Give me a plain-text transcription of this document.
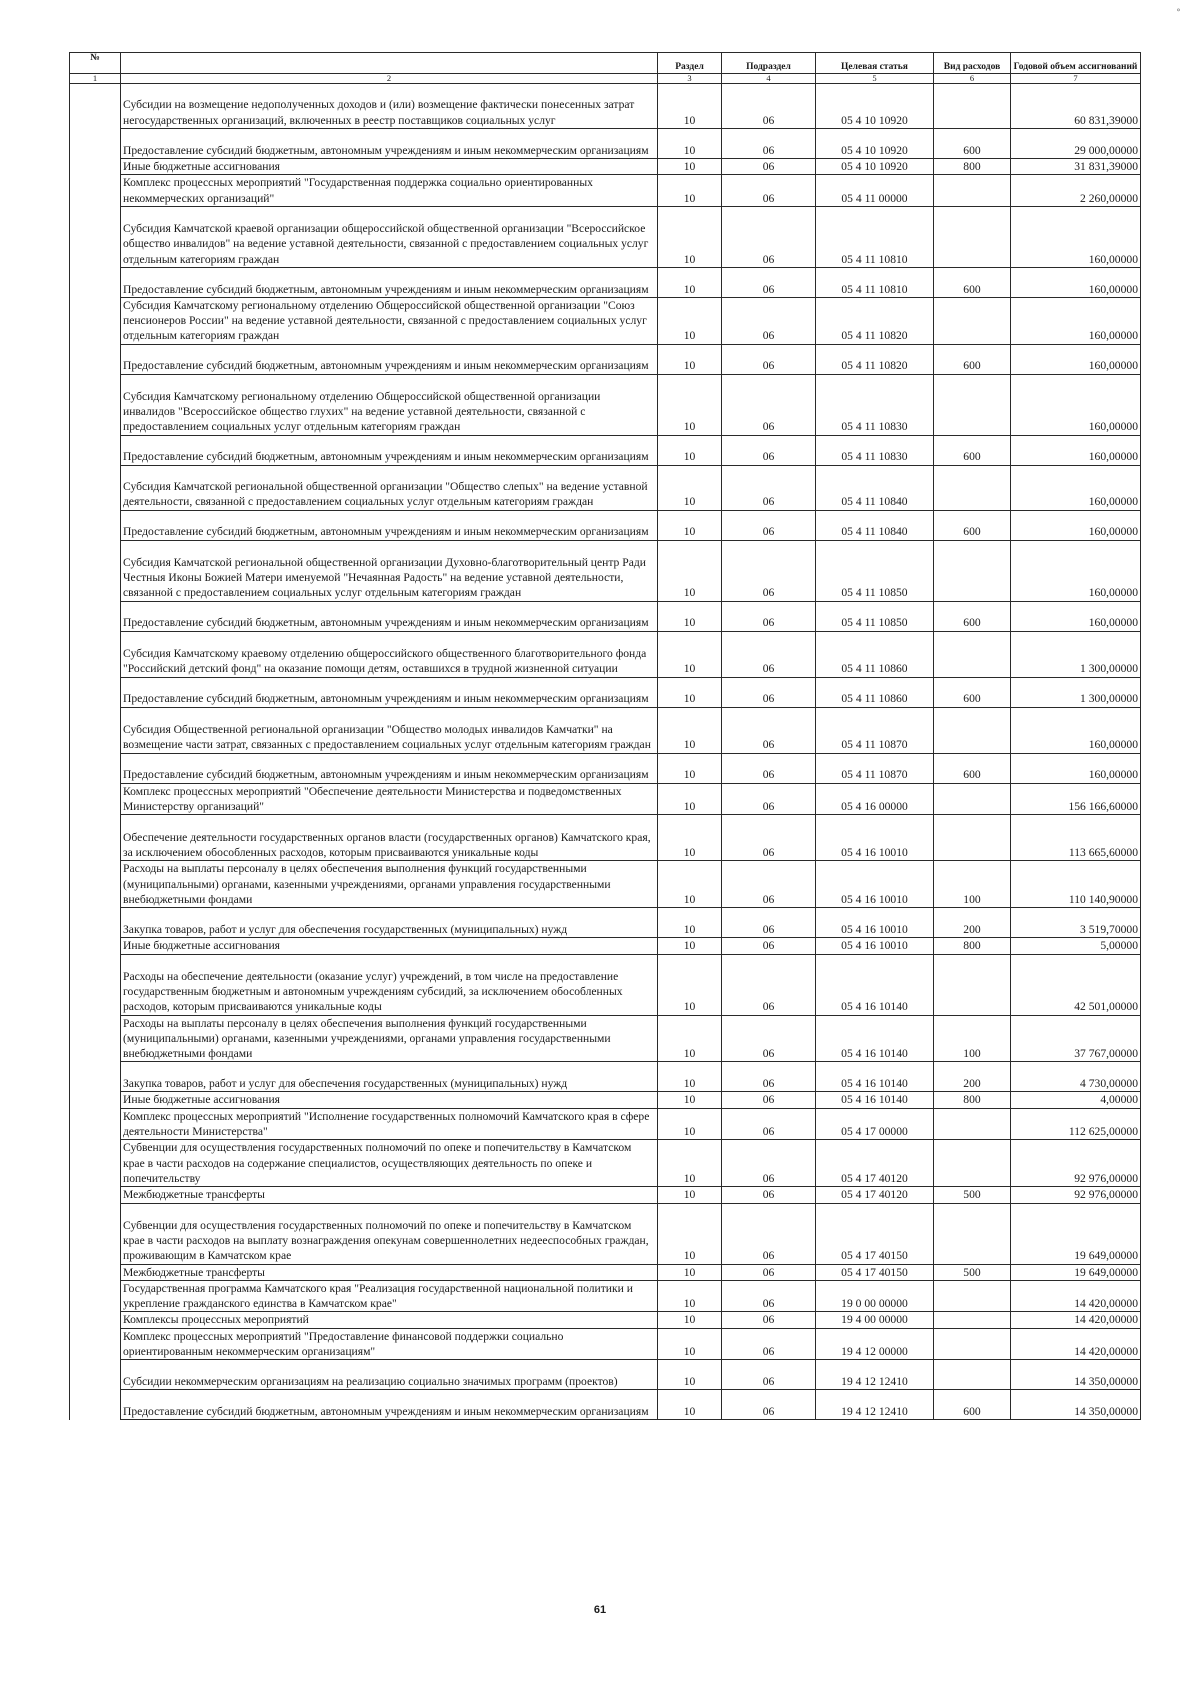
∘
№		Раздел	Подраздел	Целевая статья	Вид расходов	Годовой объем ассигнований
1	2	3	4	5	6	7
	Субсидии на возмещение недополученных доходов и (или) возмещение фактически понесенных затрат негосударственных организаций, включенных в реестр поставщиков социальных услуг	10	06	05 4 10 10920		60 831,39000
	Предоставление субсидий бюджетным, автономным учреждениям и иным некоммерческим организациям	10	06	05 4 10 10920	600	29 000,00000
	Иные бюджетные ассигнования	10	06	05 4 10 10920	800	31 831,39000
	Комплекс процессных мероприятий "Государственная поддержка социально ориентированных некоммерческих организаций"	10	06	05 4 11 00000		2 260,00000
	Субсидия Камчатской краевой организации общероссийской общественной организации "Всероссийское общество инвалидов" на ведение уставной деятельности, связанной с предоставлением социальных услуг отдельным категориям граждан	10	06	05 4 11 10810		160,00000
	Предоставление субсидий бюджетным, автономным учреждениям и иным некоммерческим организациям	10	06	05 4 11 10810	600	160,00000
	Субсидия Камчатскому региональному отделению Общероссийской общественной организации "Союз пенсионеров России" на ведение уставной деятельности, связанной с предоставлением социальных услуг отдельным категориям граждан	10	06	05 4 11 10820		160,00000
	Предоставление субсидий бюджетным, автономным учреждениям и иным некоммерческим организациям	10	06	05 4 11 10820	600	160,00000
	Субсидия Камчатскому региональному отделению Общероссийской общественной организации инвалидов "Всероссийское общество глухих" на ведение уставной деятельности, связанной с предоставлением социальных услуг отдельным категориям граждан	10	06	05 4 11 10830		160,00000
	Предоставление субсидий бюджетным, автономным учреждениям и иным некоммерческим организациям	10	06	05 4 11 10830	600	160,00000
	Субсидия Камчатской региональной общественной организации "Общество слепых" на ведение уставной деятельности, связанной с предоставлением социальных услуг отдельным категориям граждан	10	06	05 4 11 10840		160,00000
	Предоставление субсидий бюджетным, автономным учреждениям и иным некоммерческим организациям	10	06	05 4 11 10840	600	160,00000
	Субсидия Камчатской региональной общественной организации Духовно-благотворительный центр Ради Честныя Иконы Божией Матери именуемой "Нечаянная Радость" на ведение уставной деятельности, связанной с предоставлением социальных услуг отдельным категориям граждан	10	06	05 4 11 10850		160,00000
	Предоставление субсидий бюджетным, автономным учреждениям и иным некоммерческим организациям	10	06	05 4 11 10850	600	160,00000
	Субсидия Камчатскому краевому отделению общероссийского общественного благотворительного фонда "Российский детский фонд" на оказание помощи детям, оставшихся в трудной жизненной ситуации	10	06	05 4 11 10860		1 300,00000
	Предоставление субсидий бюджетным, автономным учреждениям и иным некоммерческим организациям	10	06	05 4 11 10860	600	1 300,00000
	Субсидия Общественной региональной организации "Общество молодых инвалидов Камчатки" на возмещение части затрат, связанных с предоставлением социальных услуг отдельным категориям граждан	10	06	05 4 11 10870		160,00000
	Предоставление субсидий бюджетным, автономным учреждениям и иным некоммерческим организациям	10	06	05 4 11 10870	600	160,00000
	Комплекс процессных мероприятий "Обеспечение деятельности Министерства и подведомственных Министерству организаций"	10	06	05 4 16 00000		156 166,60000
	Обеспечение деятельности государственных органов власти (государственных органов) Камчатского края, за исключением обособленных расходов, которым присваиваются уникальные коды	10	06	05 4 16 10010		113 665,60000
	Расходы на выплаты персоналу в целях обеспечения выполнения функций государственными (муниципальными) органами, казенными учреждениями, органами управления государственными внебюджетными фондами	10	06	05 4 16 10010	100	110 140,90000
	Закупка товаров, работ и услуг для обеспечения государственных (муниципальных) нужд	10	06	05 4 16 10010	200	3 519,70000
	Иные бюджетные ассигнования	10	06	05 4 16 10010	800	5,00000
	Расходы на обеспечение деятельности (оказание услуг) учреждений, в том числе на предоставление государственным бюджетным и автономным учреждениям субсидий, за исключением обособленных расходов, которым присваиваются уникальные коды	10	06	05 4 16 10140		42 501,00000
	Расходы на выплаты персоналу в целях обеспечения выполнения функций государственными (муниципальными) органами, казенными учреждениями, органами управления государственными внебюджетными фондами	10	06	05 4 16 10140	100	37 767,00000
	Закупка товаров, работ и услуг для обеспечения государственных (муниципальных) нужд	10	06	05 4 16 10140	200	4 730,00000
	Иные бюджетные ассигнования	10	06	05 4 16 10140	800	4,00000
	Комплекс процессных мероприятий "Исполнение государственных полномочий Камчатского края в сфере деятельности Министерства"	10	06	05 4 17 00000		112 625,00000
	Субвенции для осуществления государственных полномочий по опеке и попечительству в Камчатском крае в части расходов на содержание специалистов, осуществляющих деятельность по опеке и попечительству	10	06	05 4 17 40120		92 976,00000
	Межбюджетные трансферты	10	06	05 4 17 40120	500	92 976,00000
	Субвенции для осуществления государственных полномочий по опеке и попечительству в Камчатском крае в части расходов на выплату вознаграждения опекунам совершеннолетних недееспособных граждан, проживающим в Камчатском крае	10	06	05 4 17 40150		19 649,00000
	Межбюджетные трансферты	10	06	05 4 17 40150	500	19 649,00000
	Государственная программа Камчатского края "Реализация государственной национальной политики и укрепление гражданского единства в Камчатском крае"	10	06	19 0 00 00000		14 420,00000
	Комплексы процессных мероприятий	10	06	19 4 00 00000		14 420,00000
	Комплекс процессных мероприятий "Предоставление финансовой поддержки социально ориентированным некоммерческим организациям"	10	06	19 4 12 00000		14 420,00000
	Субсидии некоммерческим организациям на реализацию социально значимых программ (проектов)	10	06	19 4 12 12410		14 350,00000
	Предоставление субсидий бюджетным, автономным учреждениям и иным некоммерческим организациям	10	06	19 4 12 12410	600	14 350,00000
61
